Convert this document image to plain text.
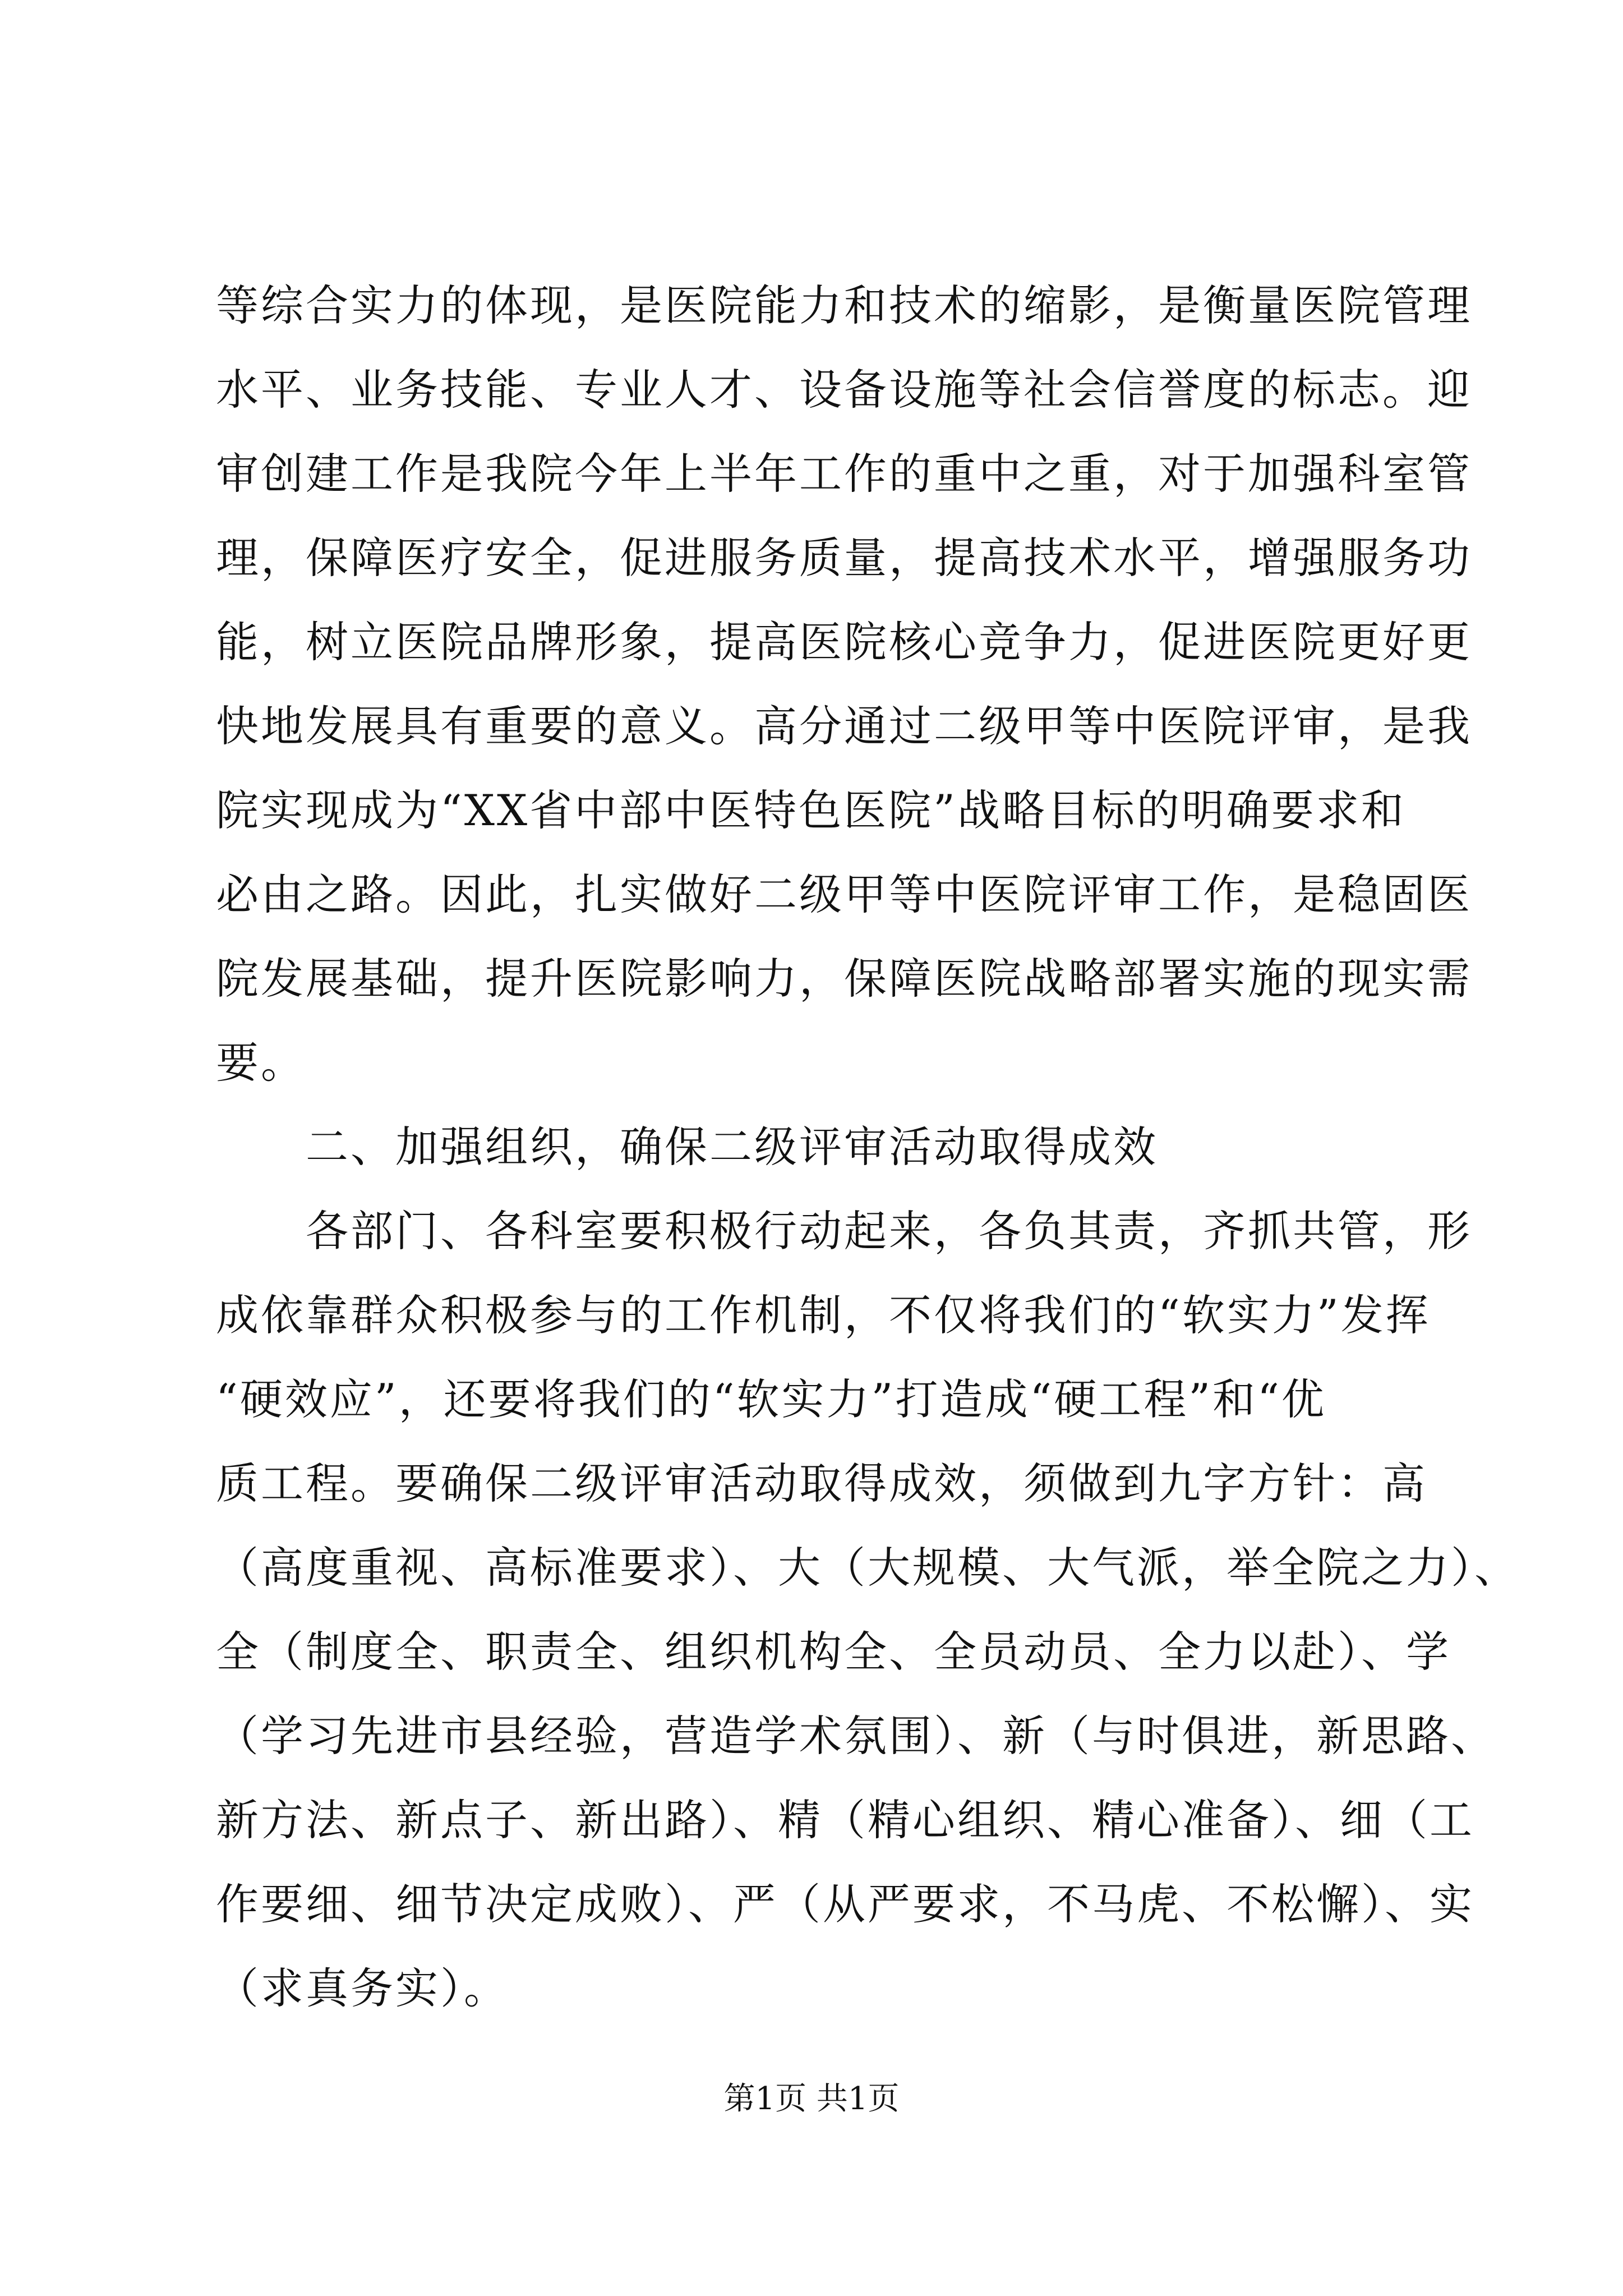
等综合实力的体现，是医院能力和技术的缩影，是衡量医院管理
水平、业务技能、专业人才、设备设施等社会信誉度的标志。迎
审创建工作是我院今年上半年工作的重中之重，对于加强科室管
理，保障医疗安全，促进服务质量，提高技术水平，增强服务功
能，树立医院品牌形象，提高医院核心竞争力，促进医院更好更
快地发展具有重要的意义。高分通过二级甲等中医院评审，是我
院实现成为“XX省中部中医特色医院”战略目标的明确要求和
必由之路。因此，扎实做好二级甲等中医院评审工作，是稳固医
院发展基础，提升医院影响力，保障医院战略部署实施的现实需
要。
二、加强组织，确保二级评审活动取得成效
各部门、各科室要积极行动起来，各负其责，齐抓共管，形
成依靠群众积极参与的工作机制，不仅将我们的“软实力”发挥
“硬效应”，还要将我们的“软实力”打造成“硬工程”和“优
质工程。要确保二级评审活动取得成效，须做到九字方针：高
（高度重视、高标准要求）、大（大规模、大气派，举全院之力）、
全（制度全、职责全、组织机构全、全员动员、全力以赴）、学
（学习先进市县经验，营造学术氛围）、新（与时俱进，新思路、
新方法、新点子、新出路）、精（精心组织、精心准备）、细（工
作要细、细节决定成败）、严（从严要求，不马虎、不松懈）、实
（求真务实）。
第1页 共1页
